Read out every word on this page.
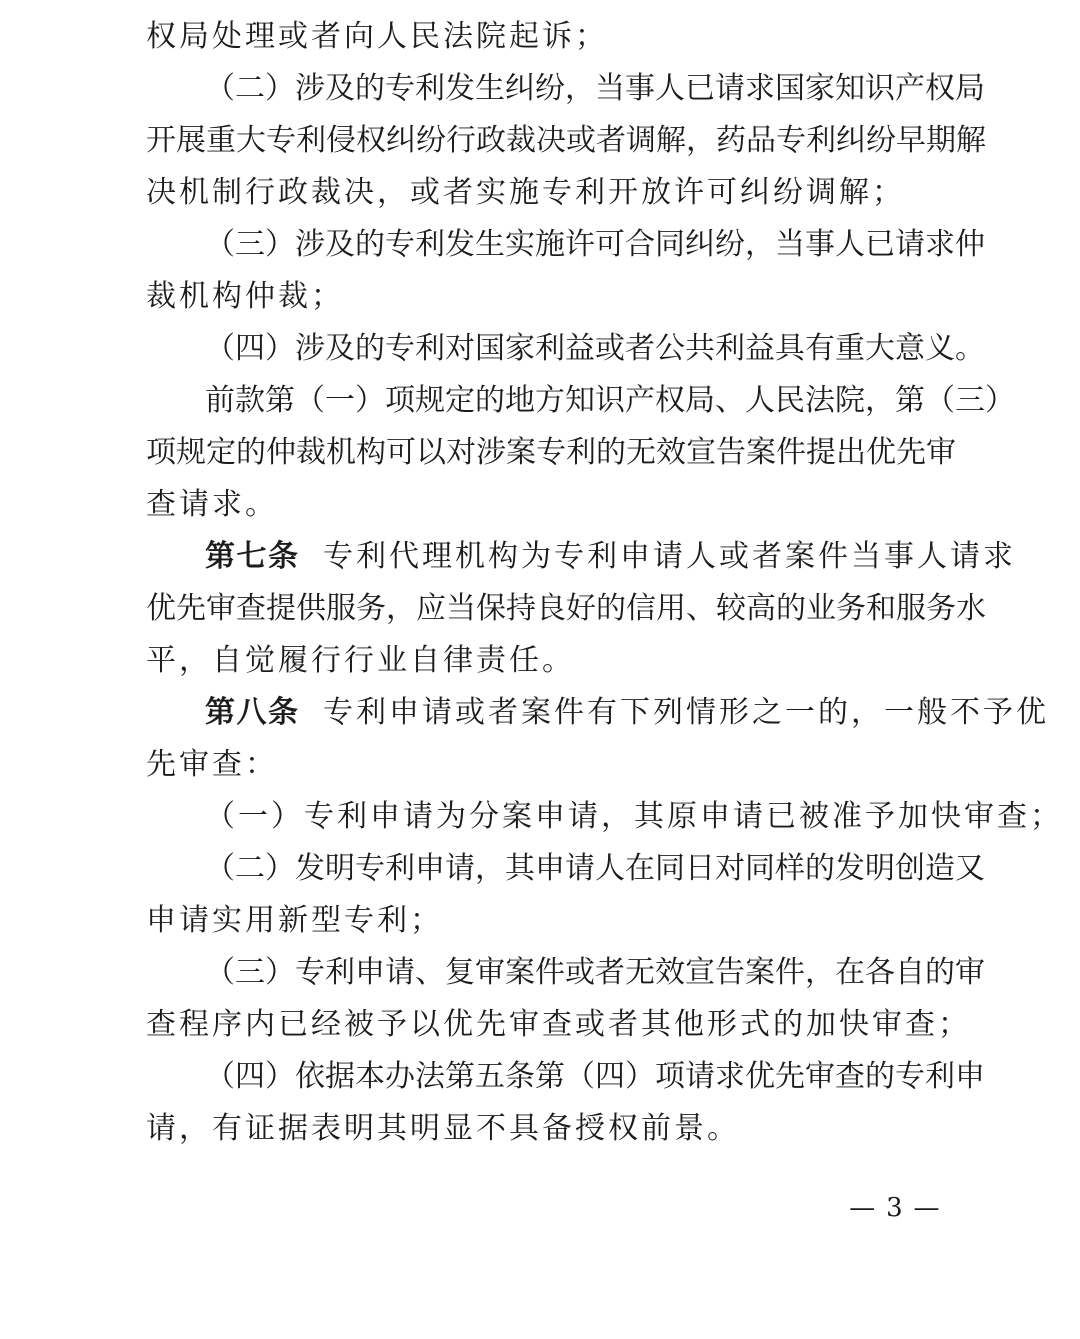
权局处理或者向人民法院起诉；
（二）涉及的专利发生纠纷，当事人已请求国家知识产权局
开展重大专利侵权纠纷行政裁决或者调解，药品专利纠纷早期解
决机制行政裁决，或者实施专利开放许可纠纷调解；
（三）涉及的专利发生实施许可合同纠纷，当事人已请求仲
裁机构仲裁；
（四）涉及的专利对国家利益或者公共利益具有重大意义。
前款第（一）项规定的地方知识产权局、人民法院，第（三）
项规定的仲裁机构可以对涉案专利的无效宣告案件提出优先审
查请求。
第七条 专利代理机构为专利申请人或者案件当事人请求
优先审查提供服务，应当保持良好的信用、较高的业务和服务水
平，自觉履行行业自律责任。
第八条 专利申请或者案件有下列情形之一的，一般不予优
先审查：
（一）专利申请为分案申请，其原申请已被准予加快审查；
（二）发明专利申请，其申请人在同日对同样的发明创造又
申请实用新型专利；
（三）专利申请、复审案件或者无效宣告案件，在各自的审
查程序内已经被予以优先审查或者其他形式的加快审查；
（四）依据本办法第五条第（四）项请求优先审查的专利申
请，有证据表明其明显不具备授权前景。
— 3 —
